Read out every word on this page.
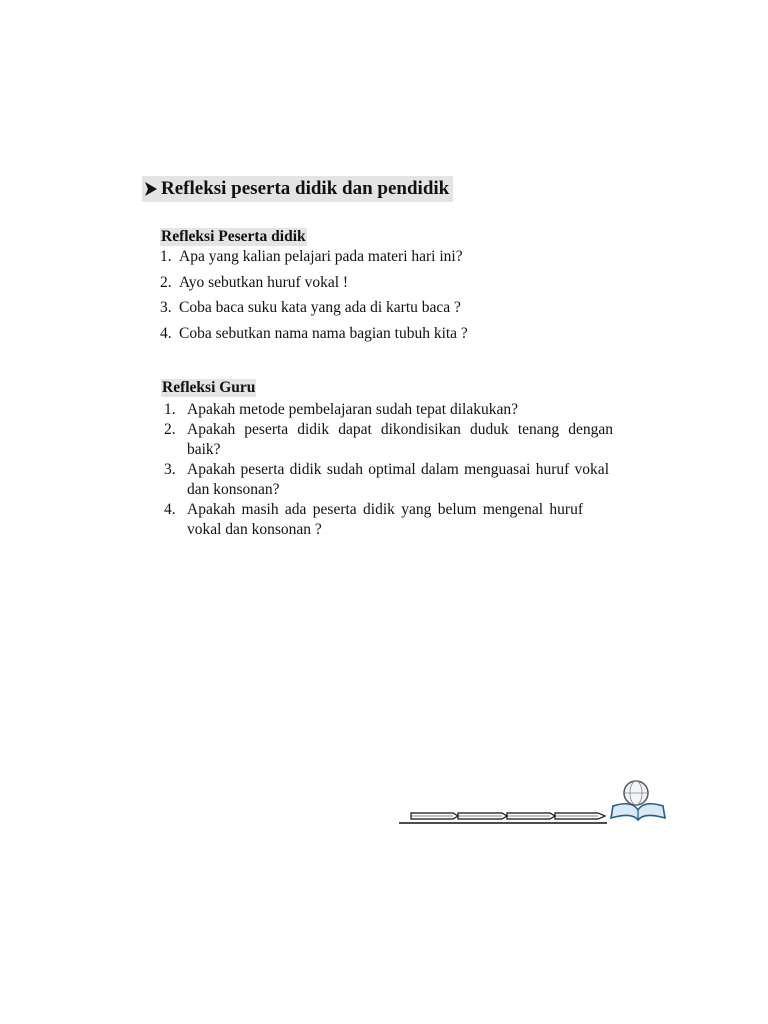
Refleksi peserta didik dan pendidik
Refleksi Peserta didik
1. Apa yang kalian pelajari pada materi hari ini?
2. Ayo sebutkan huruf vokal !
3. Coba baca suku kata yang ada di kartu baca ?
4. Coba sebutkan nama nama bagian tubuh kita ?
Refleksi Guru
1. Apakah metode pembelajaran sudah tepat dilakukan?
2. Apakah peserta didik dapat dikondisikan duduk tenang dengan baik?
3. Apakah peserta didik sudah optimal dalam menguasai huruf vokal dan konsonan?
4. Apakah masih ada peserta didik yang belum mengenal huruf vokal dan konsonan ?
